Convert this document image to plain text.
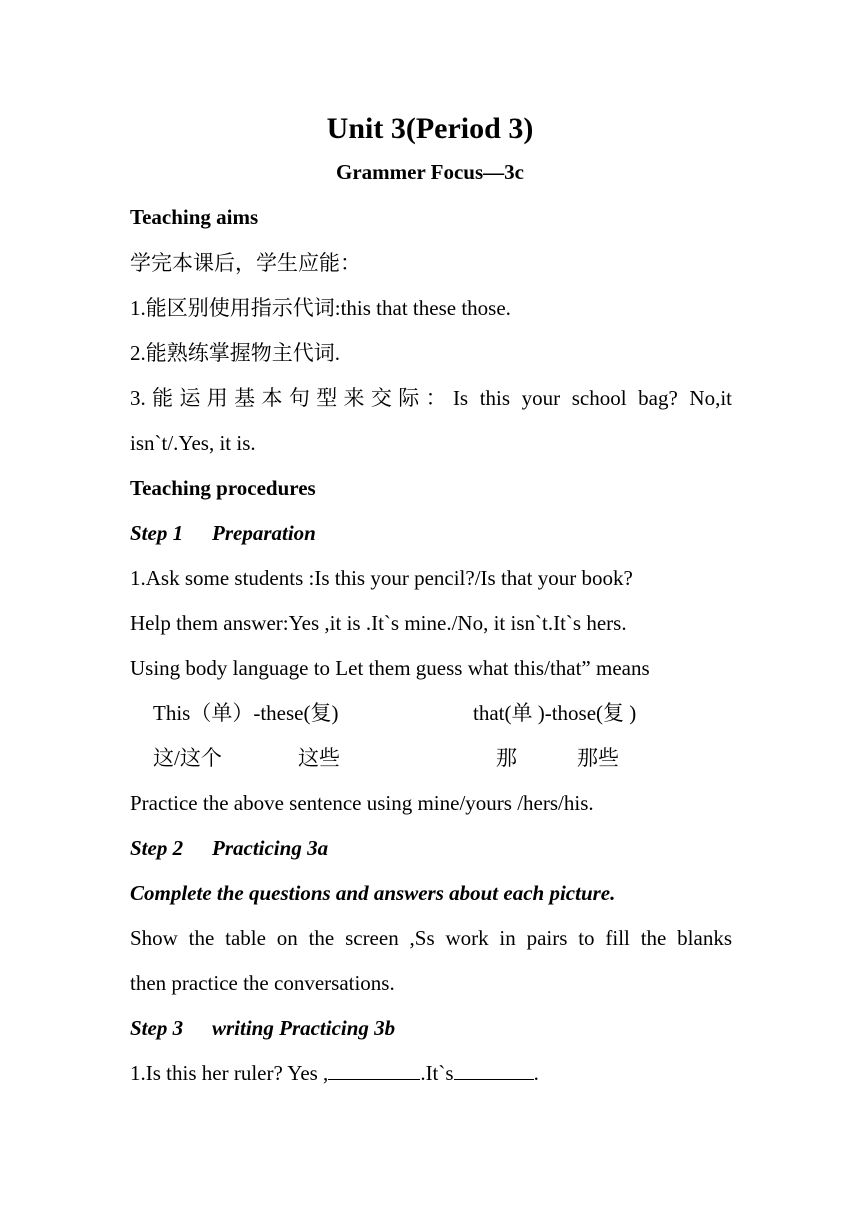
Unit 3(Period 3)
Grammer Focus—3c
Teaching aims
学完本课后，学生应能：
1.能区别使用指示代词:this that these those.
2.能熟练掌握物主代词.
3.能运用基本句型来交际：Is this your school bag? No,it
isn`t/.Yes, it is.
Teaching procedures
Step 1 Preparation
1.Ask some students :Is this your pencil?/Is that your book?
Help them answer:Yes ,it is .It`s mine./No, it isn`t.It`s hers.
Using body language to Let them guess what this/that” means
This（单）-these(复)	that(单 )-those(复 )
这/这个	这些	那	那些
Practice the above sentence using mine/yours /hers/his.
Step 2 Practicing 3a
Complete the questions and answers about each picture.
Show the table on the screen ,Ss work in pairs to fill the blanks
then practice the conversations.
Step 3 writing Practicing 3b
1.Is this her ruler? Yes ,	.It`s	.
